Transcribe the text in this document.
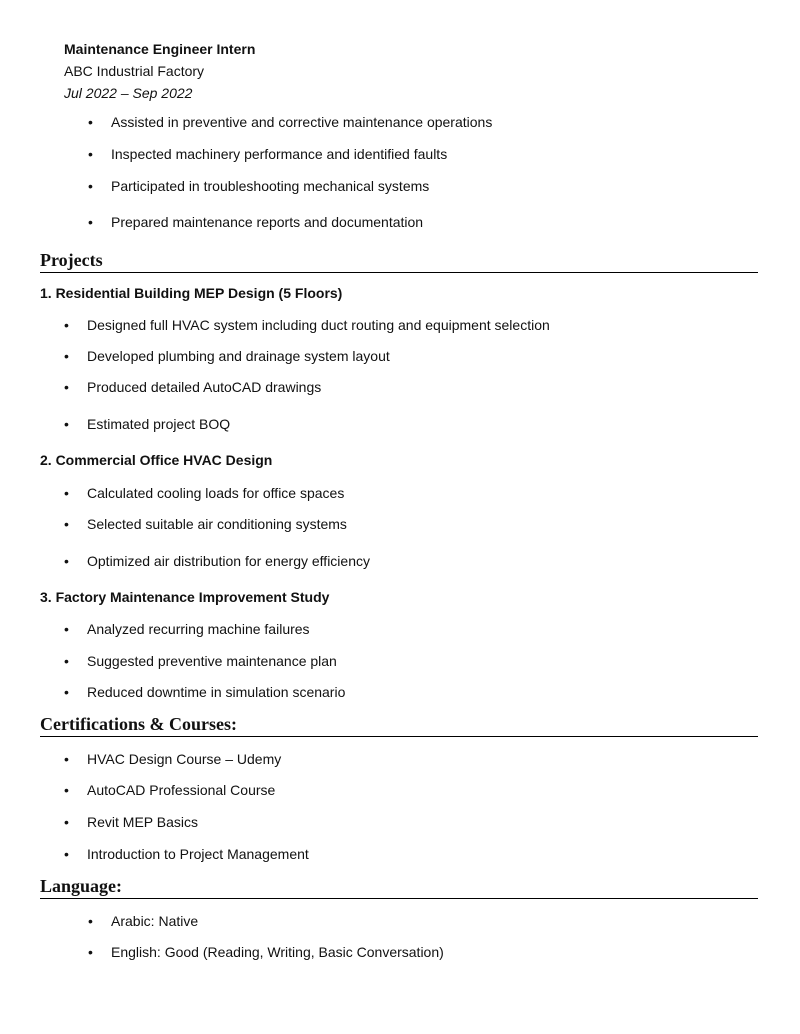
Maintenance Engineer Intern
ABC Industrial Factory
Jul 2022 – Sep 2022
• Assisted in preventive and corrective maintenance operations
• Inspected machinery performance and identified faults
• Participated in troubleshooting mechanical systems
• Prepared maintenance reports and documentation
Projects
1. Residential Building MEP Design (5 Floors)
• Designed full HVAC system including duct routing and equipment selection
• Developed plumbing and drainage system layout
• Produced detailed AutoCAD drawings
• Estimated project BOQ
2. Commercial Office HVAC Design
• Calculated cooling loads for office spaces
• Selected suitable air conditioning systems
• Optimized air distribution for energy efficiency
3. Factory Maintenance Improvement Study
• Analyzed recurring machine failures
• Suggested preventive maintenance plan
• Reduced downtime in simulation scenario
Certifications & Courses:
• HVAC Design Course – Udemy
• AutoCAD Professional Course
• Revit MEP Basics
• Introduction to Project Management
Language:
• Arabic: Native
• English: Good (Reading, Writing, Basic Conversation)
